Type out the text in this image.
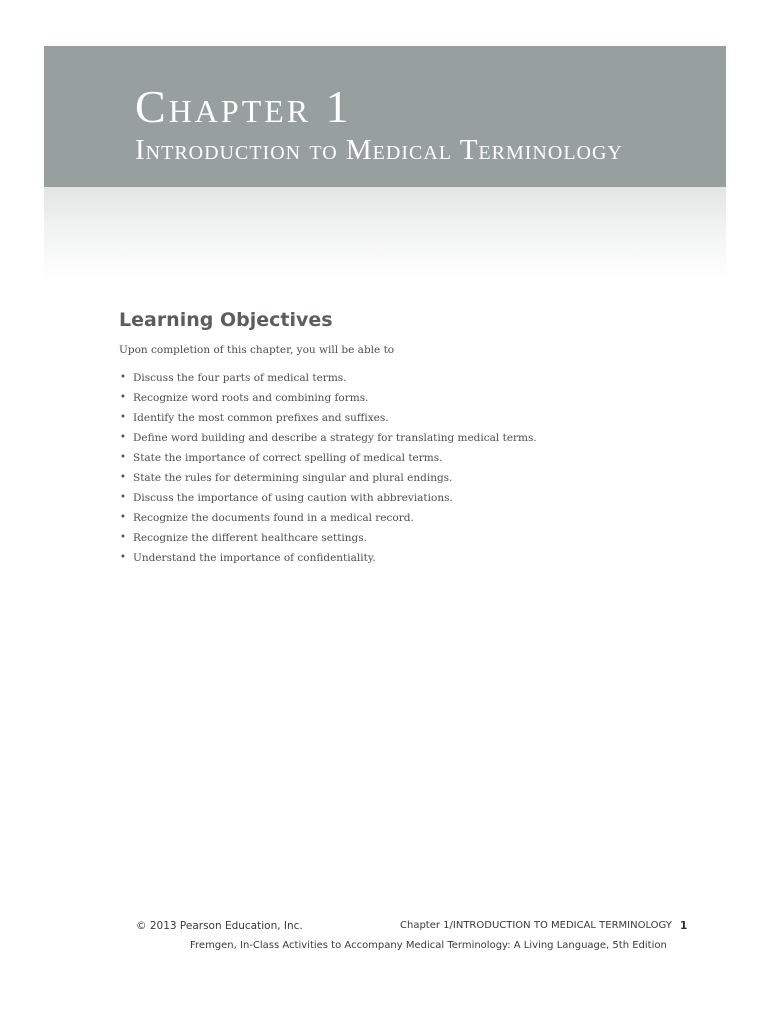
Chapter 1
Introduction to Medical Terminology
Learning Objectives

Upon completion of this chapter, you will be able to

• Discuss the four parts of medical terms.
• Recognize word roots and combining forms.
• Identify the most common prefixes and suffixes.
• Define word building and describe a strategy for translating medical terms.
• State the importance of correct spelling of medical terms.
• State the rules for determining singular and plural endings.
• Discuss the importance of using caution with abbreviations.
• Recognize the documents found in a medical record.
• Recognize the different healthcare settings.
• Understand the importance of confidentiality.
© 2013 Pearson Education, Inc.	Chapter 1/INTRODUCTION TO MEDICAL TERMINOLOGY 1
Fremgen, In-Class Activities to Accompany Medical Terminology: A Living Language, 5th Edition
